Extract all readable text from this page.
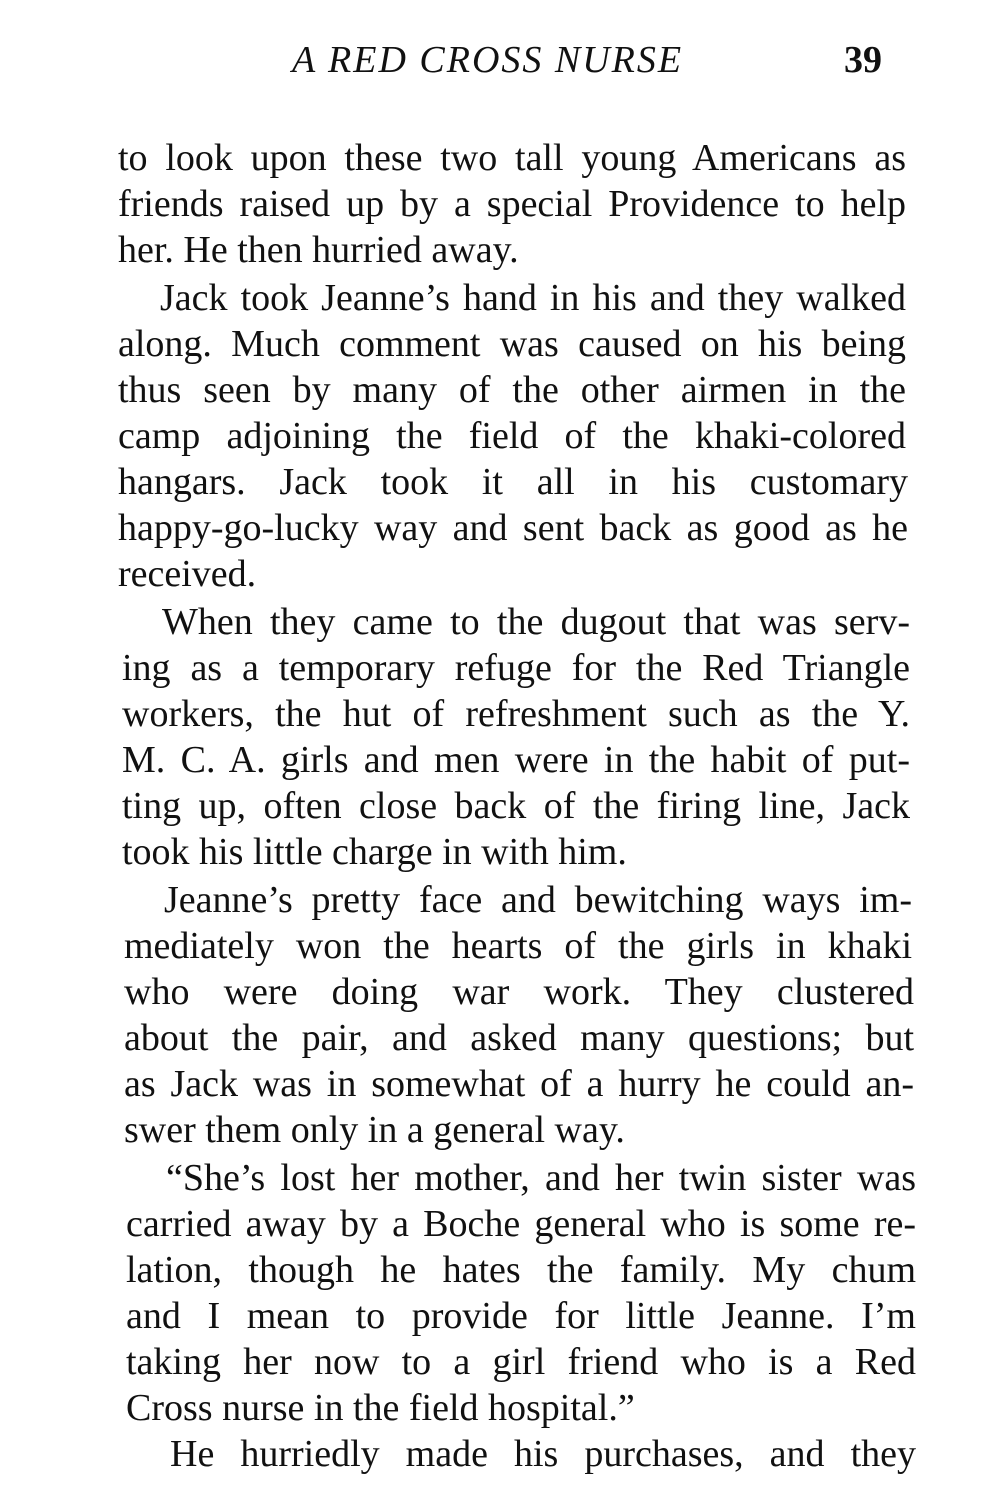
A RED CROSS NURSE	39
to look upon these two tall young Americans as
friends raised up by a special Providence to help
her. He then hurried away.
Jack took Jeanne’s hand in his and they walked
along. Much comment was caused on his being
thus seen by many of the other airmen in the
camp adjoining the field of the khaki-colored
hangars. Jack took it all in his customary
happy-go-lucky way and sent back as good as he
received.
When they came to the dugout that was serv-
ing as a temporary refuge for the Red Triangle
workers, the hut of refreshment such as the Y.
M. C. A. girls and men were in the habit of put-
ting up, often close back of the firing line, Jack
took his little charge in with him.
Jeanne’s pretty face and bewitching ways im-
mediately won the hearts of the girls in khaki
who were doing war work. They clustered
about the pair, and asked many questions; but
as Jack was in somewhat of a hurry he could an-
swer them only in a general way.
“She’s lost her mother, and her twin sister was
carried away by a Boche general who is some re-
lation, though he hates the family. My chum
and I mean to provide for little Jeanne. I’m
taking her now to a girl friend who is a Red
Cross nurse in the field hospital.”
He hurriedly made his purchases, and they
